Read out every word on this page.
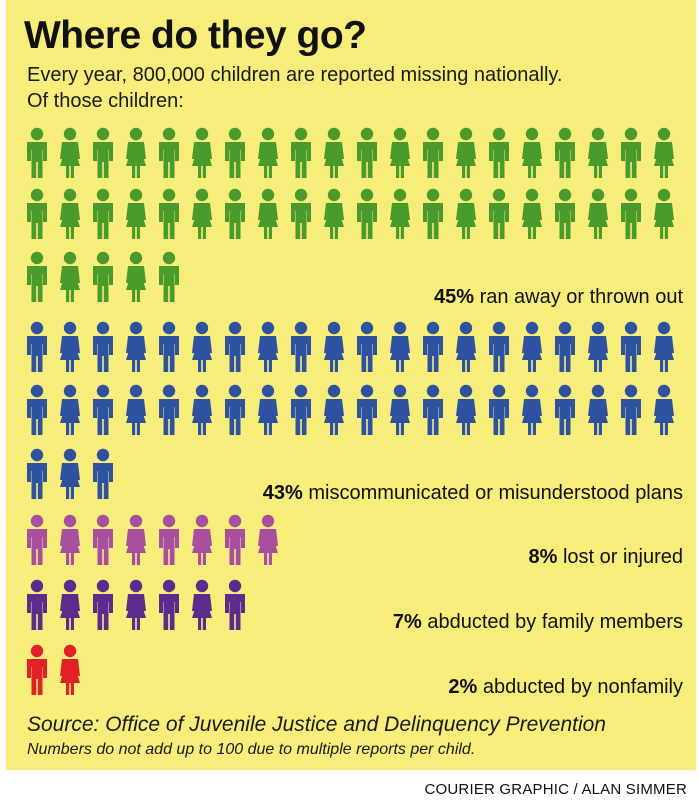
Where do they go?
Every year, 800,000 children are reported missing nationally.
Of those children:
45% ran away or thrown out
43% miscommunicated or misunderstood plans
8% lost or injured
7% abducted by family members
2% abducted by nonfamily
Source: Office of Juvenile Justice and Delinquency Prevention
Numbers do not add up to 100 due to multiple reports per child.
COURIER GRAPHIC / ALAN SIMMER
